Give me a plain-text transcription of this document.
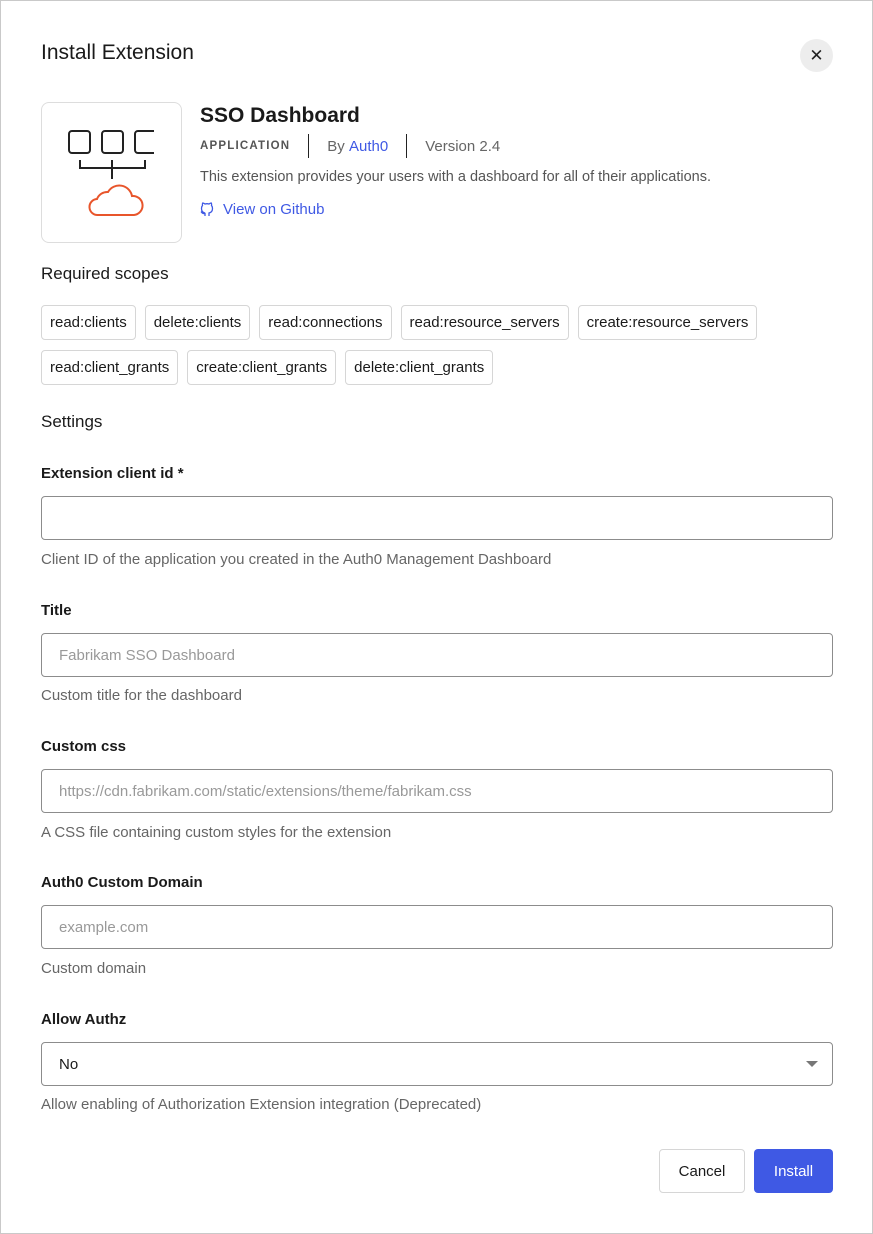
Install Extension	✕
SSO Dashboard
APPLICATION By
Auth0 Version 2.4
This extension provides your users with a dashboard for all of their applications.
View on Github
Required scopes
read:clients	delete:clients	read:connections	read:resource_servers	create:resource_servers
read:client_grants	create:client_grants	delete:client_grants
Settings
Extension client id *
Client ID of the application you created in the Auth0 Management Dashboard
Title
Fabrikam SSO Dashboard
Custom title for the dashboard
Custom css
https://cdn.fabrikam.com/static/extensions/theme/fabrikam.css
A CSS file containing custom styles for the extension
Auth0 Custom Domain
example.com
Custom domain
Allow Authz
No
Allow enabling of Authorization Extension integration (Deprecated)
Cancel	Install
